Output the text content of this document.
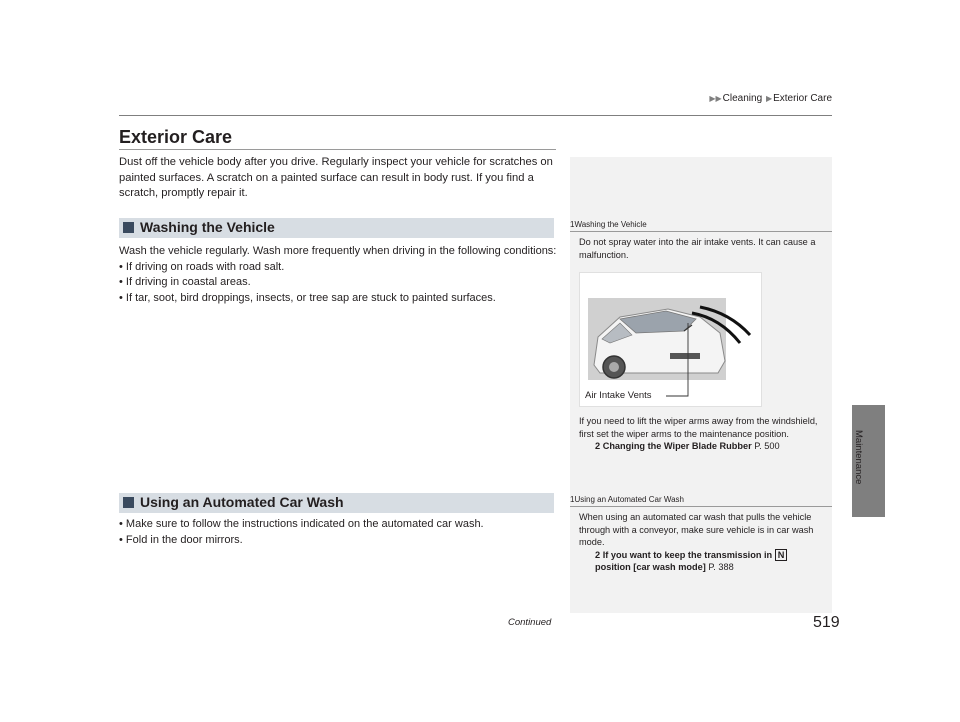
▶▶Cleaning ▶Exterior Care
Exterior Care
Dust off the vehicle body after you drive. Regularly inspect your vehicle for scratches on painted surfaces. A scratch on a painted surface can result in body rust. If you find a scratch, promptly repair it.
Washing the Vehicle
Wash the vehicle regularly. Wash more frequently when driving in the following conditions:
• If driving on roads with road salt.
• If driving in coastal areas.
• If tar, soot, bird droppings, insects, or tree sap are stuck to painted surfaces.
Using an Automated Car Wash
• Make sure to follow the instructions indicated on the automated car wash.
• Fold in the door mirrors.
1Washing the Vehicle
Do not spray water into the air intake vents. It can cause a malfunction.
Air Intake Vents
If you need to lift the wiper arms away from the windshield, first set the wiper arms to the maintenance position.
2 Changing the Wiper Blade Rubber P. 500
1Using an Automated Car Wash
When using an automated car wash that pulls the vehicle through with a conveyor, make sure vehicle is in car wash mode.
2 If you want to keep the transmission in N
position [car wash mode] P. 388
Maintenance
Continued	519
